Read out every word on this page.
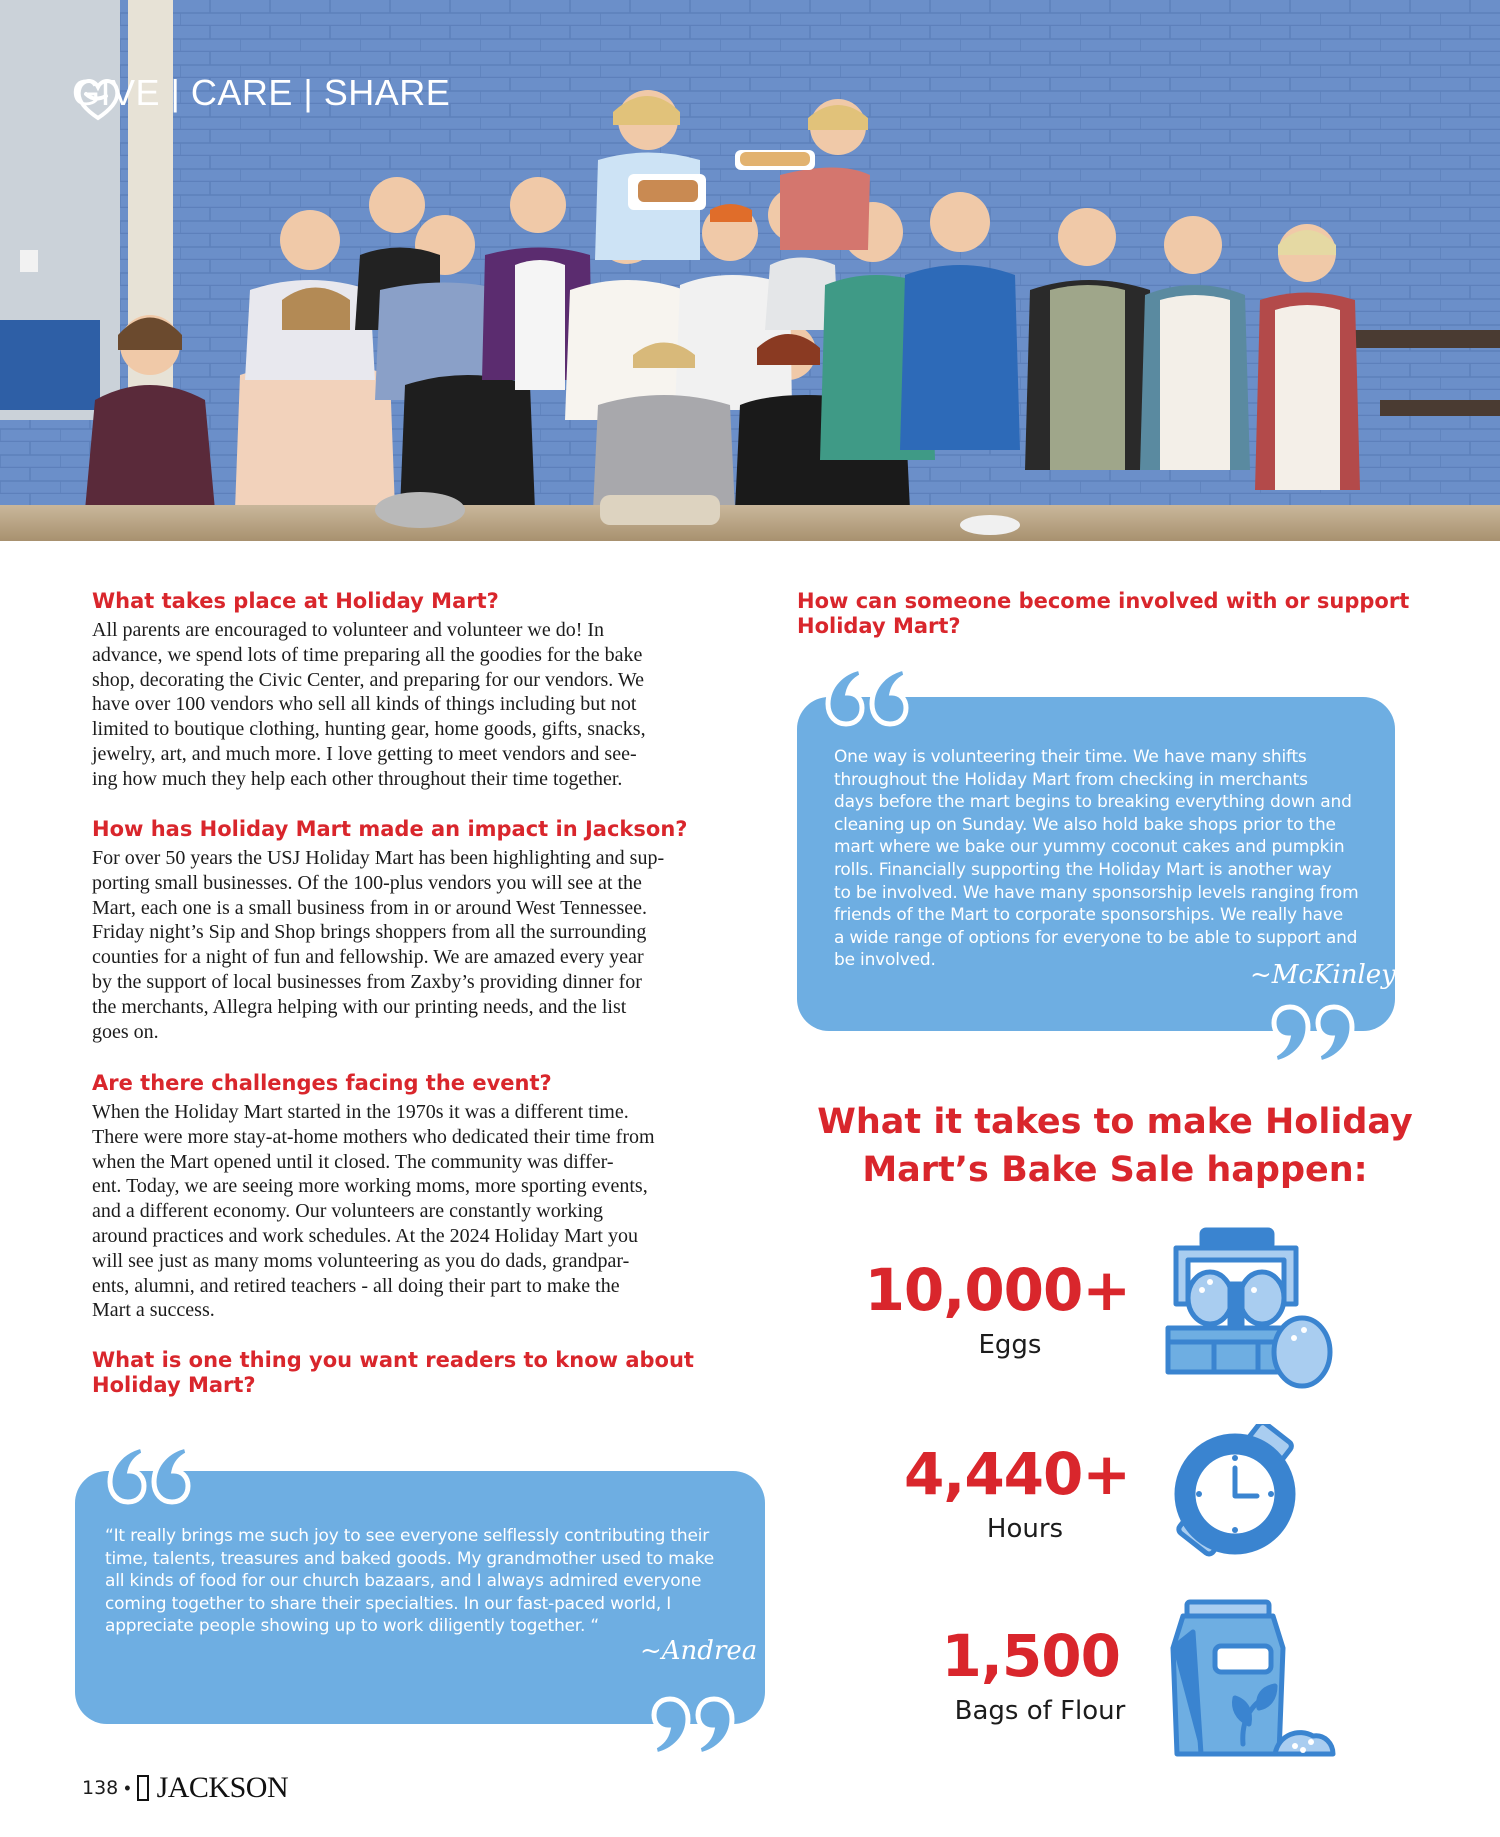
GIVE | CARE | SHARE
What takes place at Holiday Mart?
All parents are encouraged to volunteer and volunteer we do! In
advance, we spend lots of time preparing all the goodies for the bake
shop, decorating the Civic Center, and preparing for our vendors. We
have over 100 vendors who sell all kinds of things including but not
limited to boutique clothing, hunting gear, home goods, gifts, snacks,
jewelry, art, and much more. I love getting to meet vendors and see-
ing how much they help each other throughout their time together.
How has Holiday Mart made an impact in Jackson?
For over 50 years the USJ Holiday Mart has been highlighting and sup-
porting small businesses. Of the 100-plus vendors you will see at the
Mart, each one is a small business from in or around West Tennessee.
Friday night’s Sip and Shop brings shoppers from all the surrounding
counties for a night of fun and fellowship. We are amazed every year
by the support of local businesses from Zaxby’s providing dinner for
the merchants, Allegra helping with our printing needs, and the list
goes on.
Are there challenges facing the event?
When the Holiday Mart started in the 1970s it was a different time.
There were more stay-at-home mothers who dedicated their time from
when the Mart opened until it closed. The community was differ-
ent. Today, we are seeing more working moms, more sporting events,
and a different economy. Our volunteers are constantly working
around practices and work schedules. At the 2024 Holiday Mart you
will see just as many moms volunteering as you do dads, grandpar-
ents, alumni, and retired teachers - all doing their part to make the
Mart a success.
What is one thing you want readers to know about
Holiday Mart?
“It really brings me such joy to see everyone selflessly contributing their
time, talents, treasures and baked goods. My grandmother used to make
all kinds of food for our church bazaars, and I always admired everyone
coming together to share their specialties. In our fast-paced world, I
appreciate people showing up to work diligently together. “
~Andrea
How can someone become involved with or support
Holiday Mart?
One way is volunteering their time. We have many shifts
throughout the Holiday Mart from checking in merchants
days before the mart begins to breaking everything down and
cleaning up on Sunday. We also hold bake shops prior to the
mart where we bake our yummy coconut cakes and pumpkin
rolls. Financially supporting the Holiday Mart is another way
to be involved. We have many sponsorship levels ranging from
friends of the Mart to corporate sponsorships. We really have
a wide range of options for everyone to be able to support and
be involved.	~McKinley
What it takes to make Holiday
Mart’s Bake Sale happen:
10,000+
Eggs
4,440+
Hours
1,500
Bags of Flour
138 • JACKSON
